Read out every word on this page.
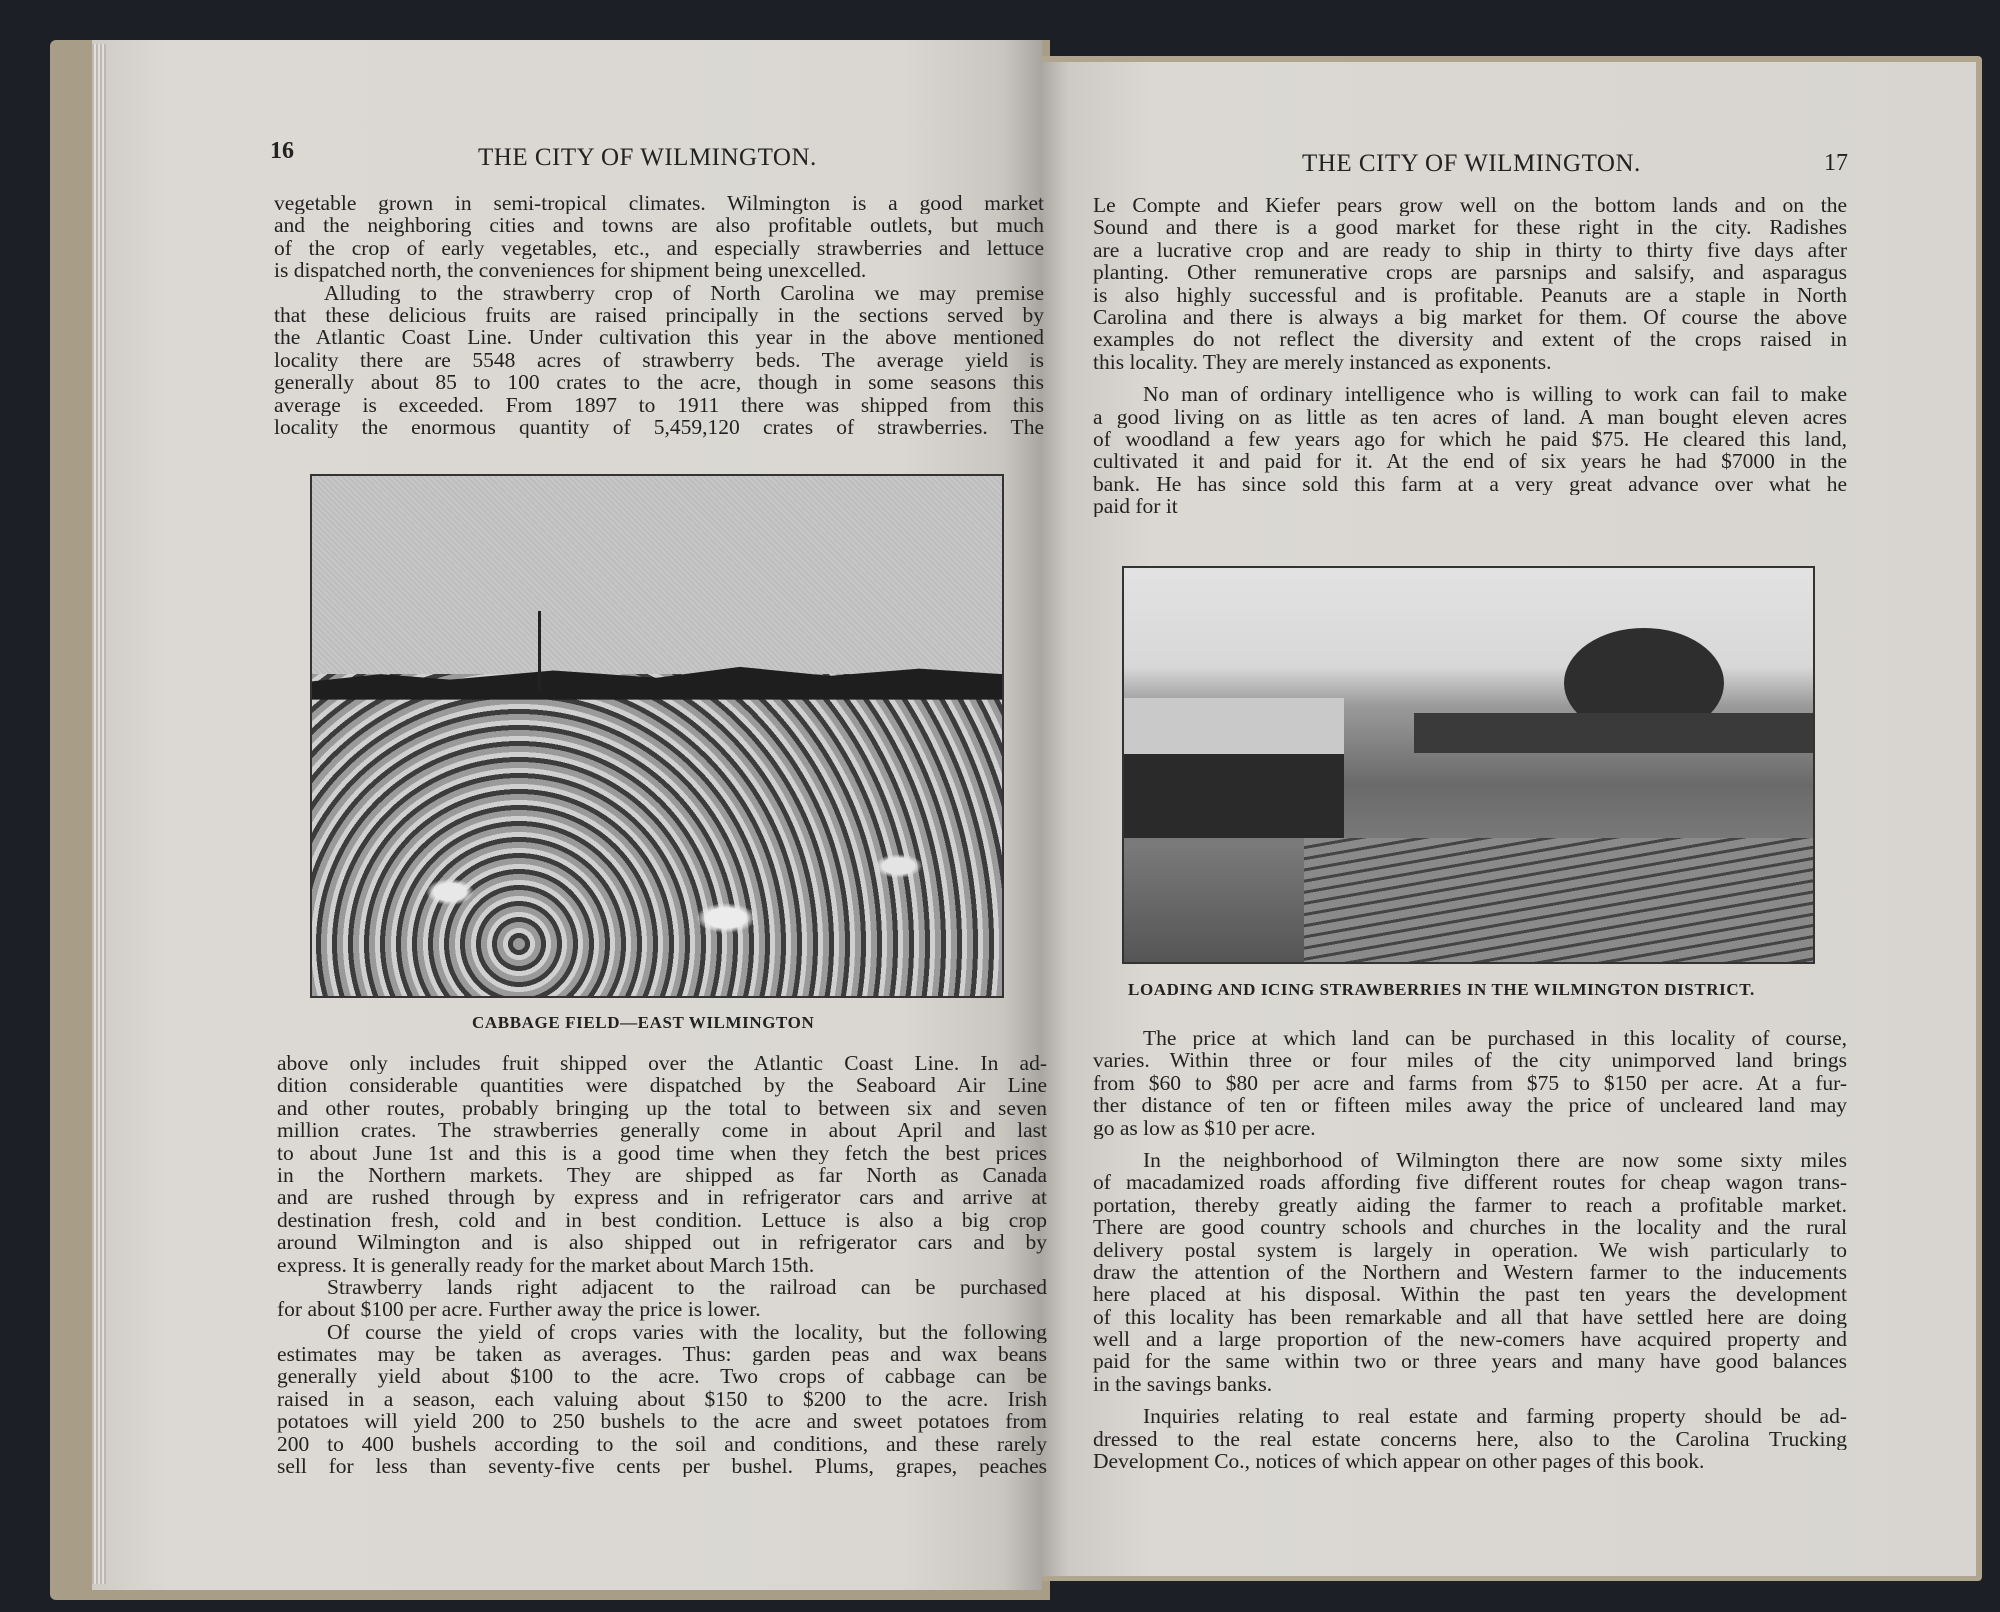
16	THE CITY OF WILMINGTON.
vegetable grown in semi-tropical climates. Wilmington is a good market
and the neighboring cities and towns are also profitable outlets, but much
of the crop of early vegetables, etc., and especially strawberries and lettuce
is dispatched north, the conveniences for shipment being unexcelled.
Alluding to the strawberry crop of North Carolina we may premise
that these delicious fruits are raised principally in the sections served by
the Atlantic Coast Line. Under cultivation this year in the above mentioned
locality there are 5548 acres of strawberry beds. The average yield is
generally about 85 to 100 crates to the acre, though in some seasons this
average is exceeded. From 1897 to 1911 there was shipped from this
locality the enormous quantity of 5,459,120 crates of strawberries. The
CABBAGE FIELD—EAST WILMINGTON
above only includes fruit shipped over the Atlantic Coast Line. In ad-
dition considerable quantities were dispatched by the Seaboard Air Line
and other routes, probably bringing up the total to between six and seven
million crates. The strawberries generally come in about April and last
to about June 1st and this is a good time when they fetch the best prices
in the Northern markets. They are shipped as far North as Canada
and are rushed through by express and in refrigerator cars and arrive at
destination fresh, cold and in best condition. Lettuce is also a big crop
around Wilmington and is also shipped out in refrigerator cars and by
express. It is generally ready for the market about March 15th.
Strawberry lands right adjacent to the railroad can be purchased
for about $100 per acre. Further away the price is lower.
Of course the yield of crops varies with the locality, but the following
estimates may be taken as averages. Thus: garden peas and wax beans
generally yield about $100 to the acre. Two crops of cabbage can be
raised in a season, each valuing about $150 to $200 to the acre. Irish
potatoes will yield 200 to 250 bushels to the acre and sweet potatoes from
200 to 400 bushels according to the soil and conditions, and these rarely
sell for less than seventy-five cents per bushel. Plums, grapes, peaches
THE CITY OF WILMINGTON.	17
Le Compte and Kiefer pears grow well on the bottom lands and on the
Sound and there is a good market for these right in the city. Radishes
are a lucrative crop and are ready to ship in thirty to thirty five days after
planting. Other remunerative crops are parsnips and salsify, and asparagus
is also highly successful and is profitable. Peanuts are a staple in North
Carolina and there is always a big market for them. Of course the above
examples do not reflect the diversity and extent of the crops raised in
this locality. They are merely instanced as exponents.
No man of ordinary intelligence who is willing to work can fail to make
a good living on as little as ten acres of land. A man bought eleven acres
of woodland a few years ago for which he paid $75. He cleared this land,
cultivated it and paid for it. At the end of six years he had $7000 in the
bank. He has since sold this farm at a very great advance over what he
paid for it
LOADING AND ICING STRAWBERRIES IN THE WILMINGTON DISTRICT.
The price at which land can be purchased in this locality of course,
varies. Within three or four miles of the city unimporved land brings
from $60 to $80 per acre and farms from $75 to $150 per acre. At a fur-
ther distance of ten or fifteen miles away the price of uncleared land may
go as low as $10 per acre.
In the neighborhood of Wilmington there are now some sixty miles
of macadamized roads affording five different routes for cheap wagon trans-
portation, thereby greatly aiding the farmer to reach a profitable market.
There are good country schools and churches in the locality and the rural
delivery postal system is largely in operation. We wish particularly to
draw the attention of the Northern and Western farmer to the inducements
here placed at his disposal. Within the past ten years the development
of this locality has been remarkable and all that have settled here are doing
well and a large proportion of the new-comers have acquired property and
paid for the same within two or three years and many have good balances
in the savings banks.
Inquiries relating to real estate and farming property should be ad-
dressed to the real estate concerns here, also to the Carolina Trucking
Development Co., notices of which appear on other pages of this book.
